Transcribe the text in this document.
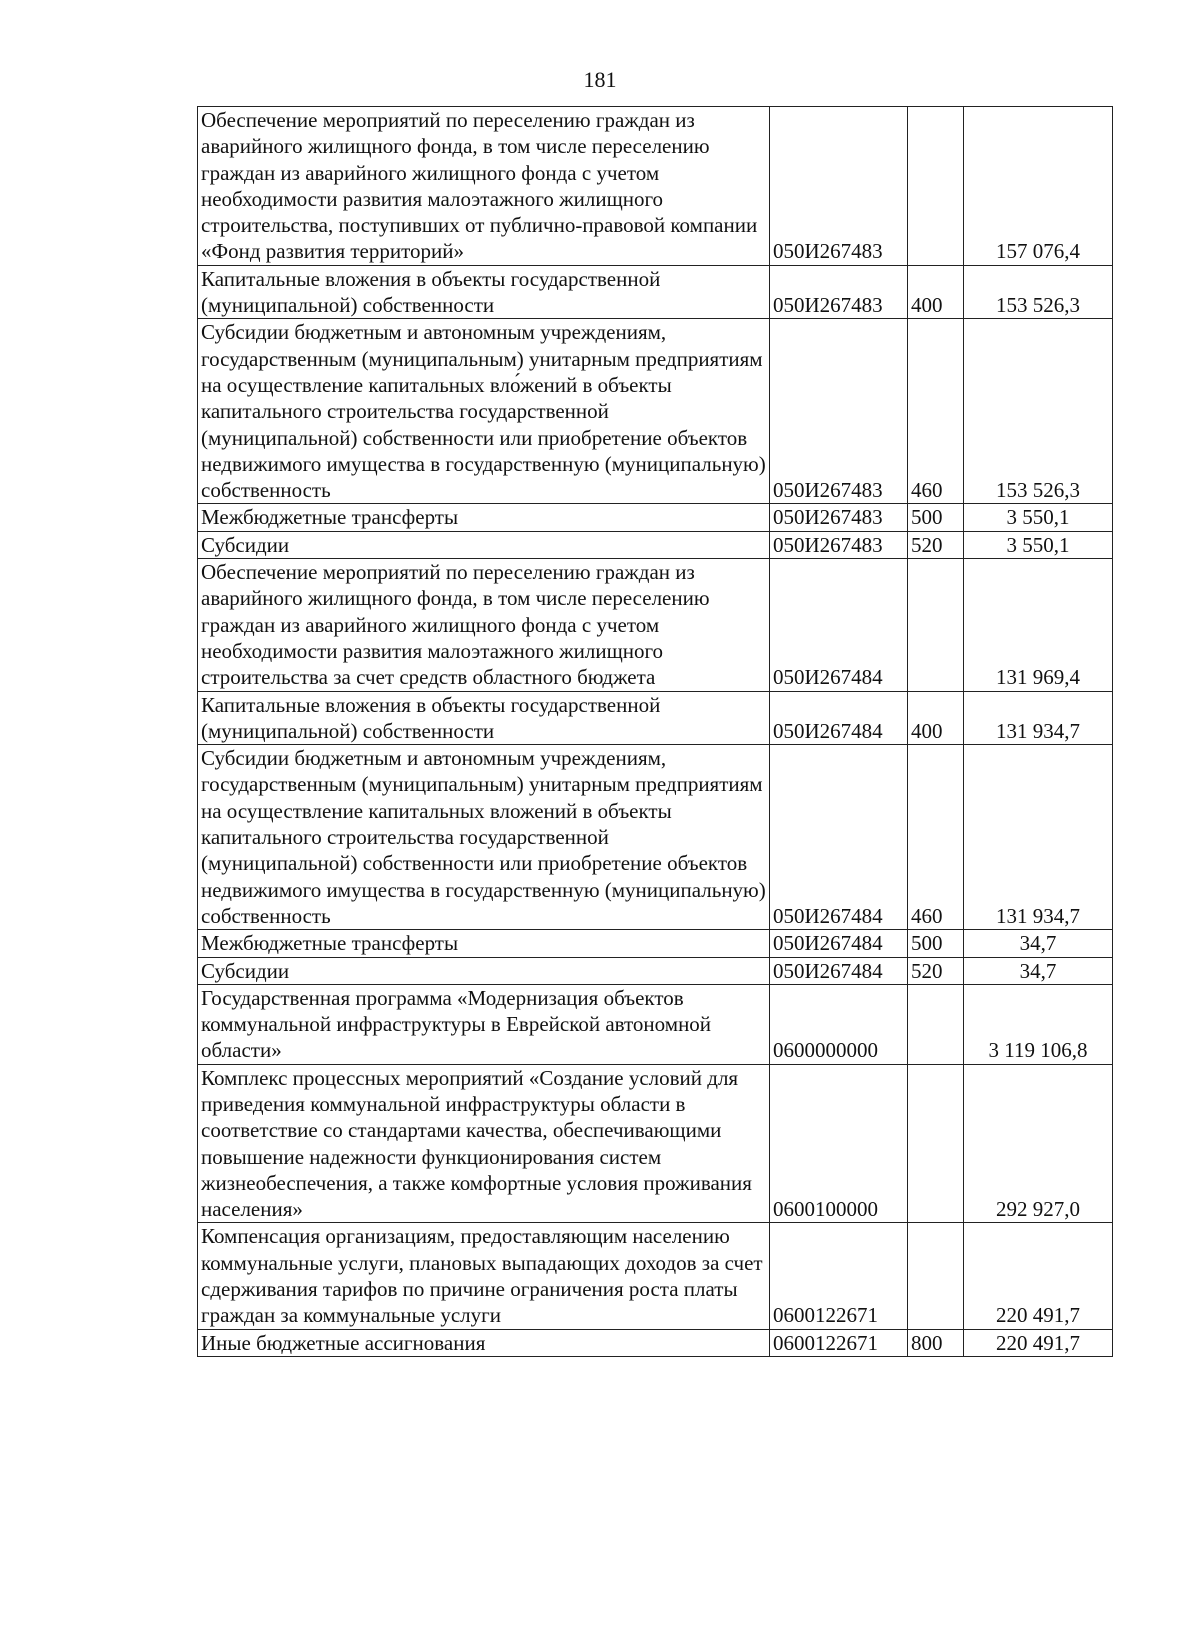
181
Обеспечение мероприятий по переселению граждан из аварийного жилищного фонда, в том числе переселению граждан из аварийного жилищного фонда с учетом необходимости развития малоэтажного жилищного строительства, поступивших от публично-правовой компании «Фонд развития территорий»	050И267483		157 076,4
Капитальные вложения в объекты государственной (муниципальной) собственности	050И267483	400	153 526,3
Субсидии бюджетным и автономным учреждениям, государственным (муниципальным) унитарным предприятиям на осуществление капитальных вло́жений в объекты капитального строительства государственной (муниципальной) собственности или приобретение объектов недвижимого имущества в государственную (муниципальную) собственность	050И267483	460	153 526,3
Межбюджетные трансферты	050И267483	500	3 550,1
Субсидии	050И267483	520	3 550,1
Обеспечение мероприятий по переселению граждан из аварийного жилищного фонда, в том числе переселению граждан из аварийного жилищного фонда с учетом необходимости развития малоэтажного жилищного строительства за счет средств областного бюджета	050И267484		131 969,4
Капитальные вложения в объекты государственной (муниципальной) собственности	050И267484	400	131 934,7
Субсидии бюджетным и автономным учреждениям, государственным (муниципальным) унитарным предприятиям на осуществление капитальных вложений в объекты капитального строительства государственной (муниципальной) собственности или приобретение объектов недвижимого имущества в государственную (муниципальную) собственность	050И267484	460	131 934,7
Межбюджетные трансферты	050И267484	500	34,7
Субсидии	050И267484	520	34,7
Государственная программа «Модернизация объектов коммунальной инфраструктуры в Еврейской автономной области»	0600000000		3 119 106,8
Комплекс процессных мероприятий «Создание условий для приведения коммунальной инфраструктуры области в соответствие со стандартами качества, обеспечивающими повышение надежности функционирования систем жизнеобеспечения, а также комфортные условия проживания населения»	0600100000		292 927,0
Компенсация организациям, предоставляющим населению коммунальные услуги, плановых выпадающих доходов за счет сдерживания тарифов по причине ограничения роста платы граждан за коммунальные услуги	0600122671		220 491,7
Иные бюджетные ассигнования	0600122671	800	220 491,7
